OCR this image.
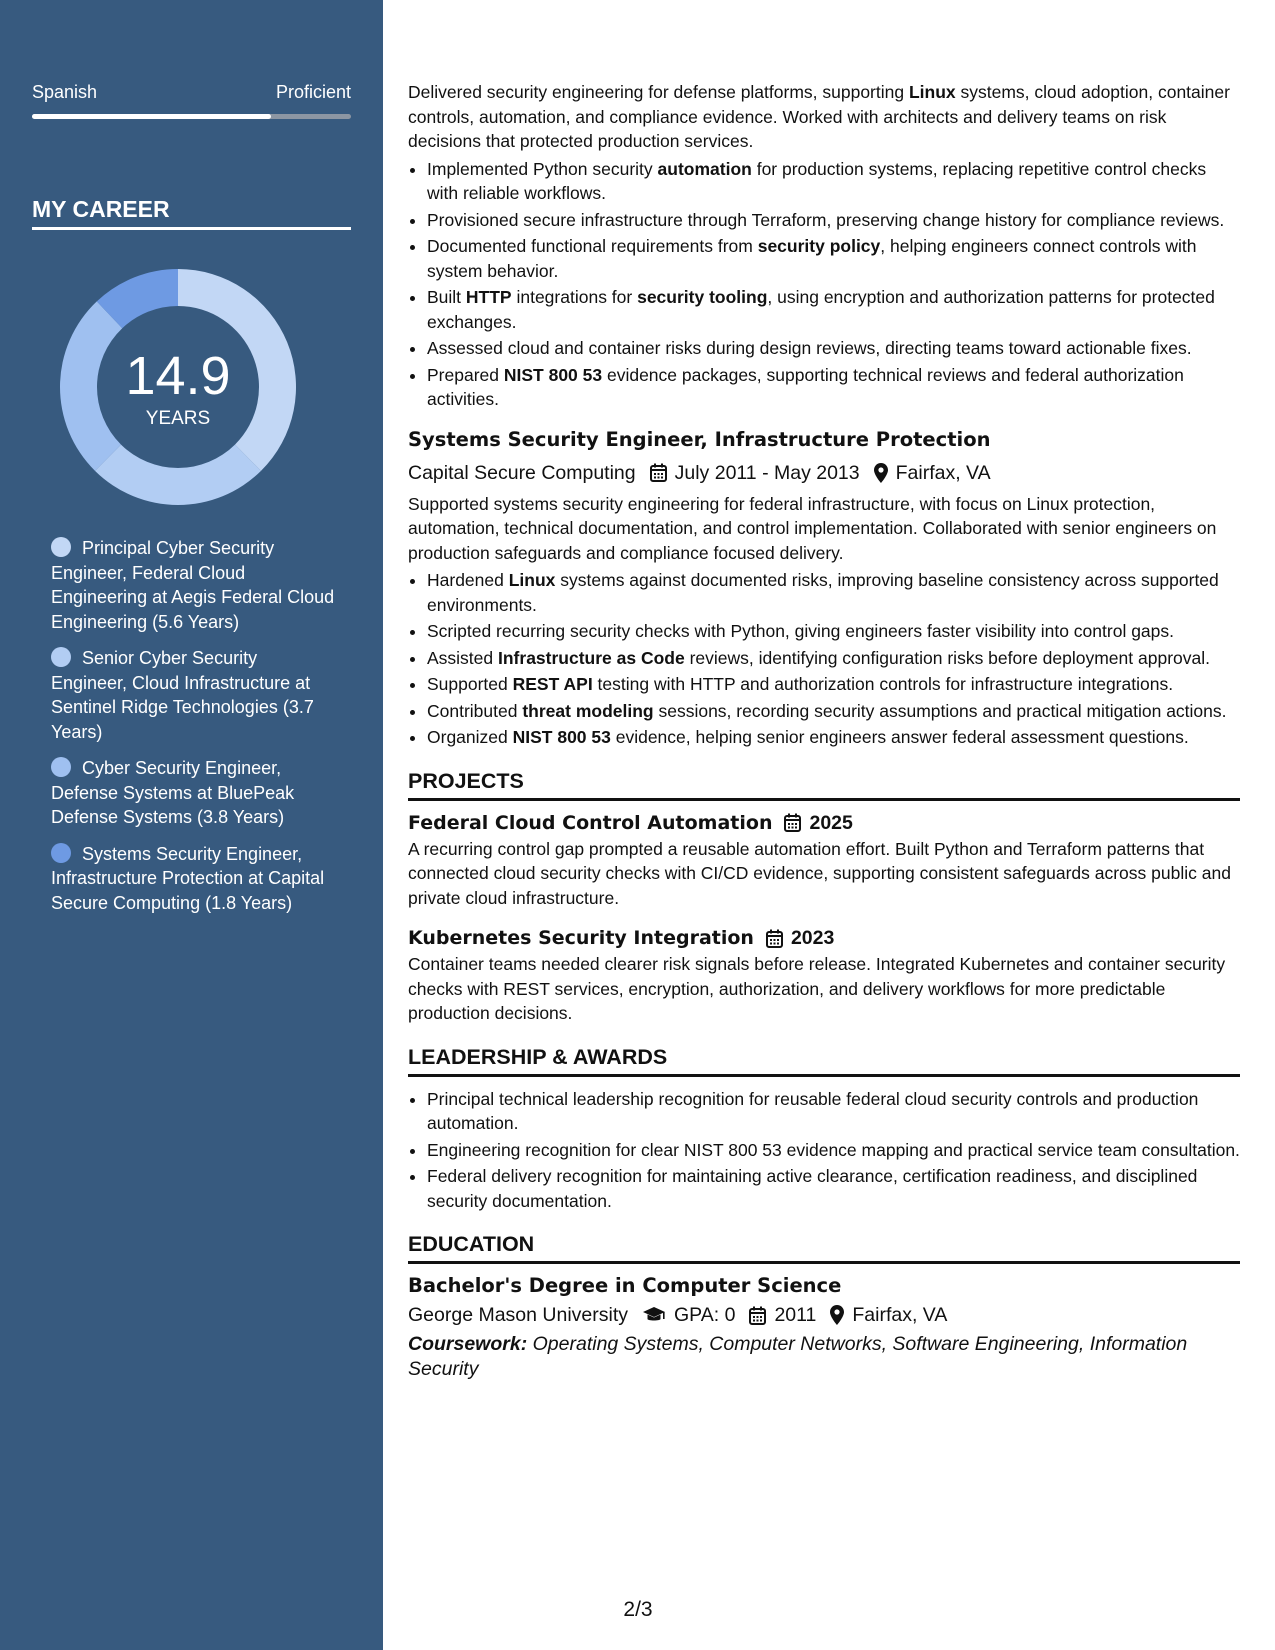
Spanish	Proficient
MY CAREER
14.9
YEARS
Principal Cyber Security Engineer, Federal Cloud Engineering at Aegis Federal Cloud Engineering (5.6 Years)
Senior Cyber Security Engineer, Cloud Infrastructure at Sentinel Ridge Technologies (3.7 Years)
Cyber Security Engineer, Defense Systems at BluePeak Defense Systems (3.8 Years)
Systems Security Engineer, Infrastructure Protection at Capital Secure Computing (1.8 Years)

Delivered security engineering for defense platforms, supporting Linux systems, cloud adoption, container controls, automation, and compliance evidence. Worked with architects and delivery teams on risk decisions that protected production services.

• Implemented Python security automation for production systems, replacing repetitive control checks with reliable workflows.
• Provisioned secure infrastructure through Terraform, preserving change history for compliance reviews.
• Documented functional requirements from security policy, helping engineers connect controls with system behavior.
• Built HTTP integrations for security tooling, using encryption and authorization patterns for protected exchanges.
• Assessed cloud and container risks during design reviews, directing teams toward actionable fixes.
• Prepared NIST 800 53 evidence packages, supporting technical reviews and federal authorization activities.
Systems Security Engineer, Infrastructure Protection
Capital Secure Computing July 2011 - May 2013 Fairfax, VA

Supported systems security engineering for federal infrastructure, with focus on Linux protection, automation, technical documentation, and control implementation. Collaborated with senior engineers on production safeguards and compliance focused delivery.

• Hardened Linux systems against documented risks, improving baseline consistency across supported environments.
• Scripted recurring security checks with Python, giving engineers faster visibility into control gaps.
• Assisted Infrastructure as Code reviews, identifying configuration risks before deployment approval.
• Supported REST API testing with HTTP and authorization controls for infrastructure integrations.
• Contributed threat modeling sessions, recording security assumptions and practical mitigation actions.
• Organized NIST 800 53 evidence, helping senior engineers answer federal assessment questions.
PROJECTS
Federal Cloud Control Automation 2025

A recurring control gap prompted a reusable automation effort. Built Python and Terraform patterns that connected cloud security checks with CI/CD evidence, supporting consistent safeguards across public and private cloud infrastructure.

Kubernetes Security Integration 2023

Container teams needed clearer risk signals before release. Integrated Kubernetes and container security checks with REST services, encryption, authorization, and delivery workflows for more predictable production decisions.

LEADERSHIP & AWARDS
• Principal technical leadership recognition for reusable federal cloud security controls and production automation.
• Engineering recognition for clear NIST 800 53 evidence mapping and practical service team consultation.
• Federal delivery recognition for maintaining active clearance, certification readiness, and disciplined security documentation.
EDUCATION
Bachelor's Degree in Computer Science
George Mason University GPA: 0 2011 Fairfax, VA

Coursework: Operating Systems, Computer Networks, Software Engineering, Information Security

2/3
